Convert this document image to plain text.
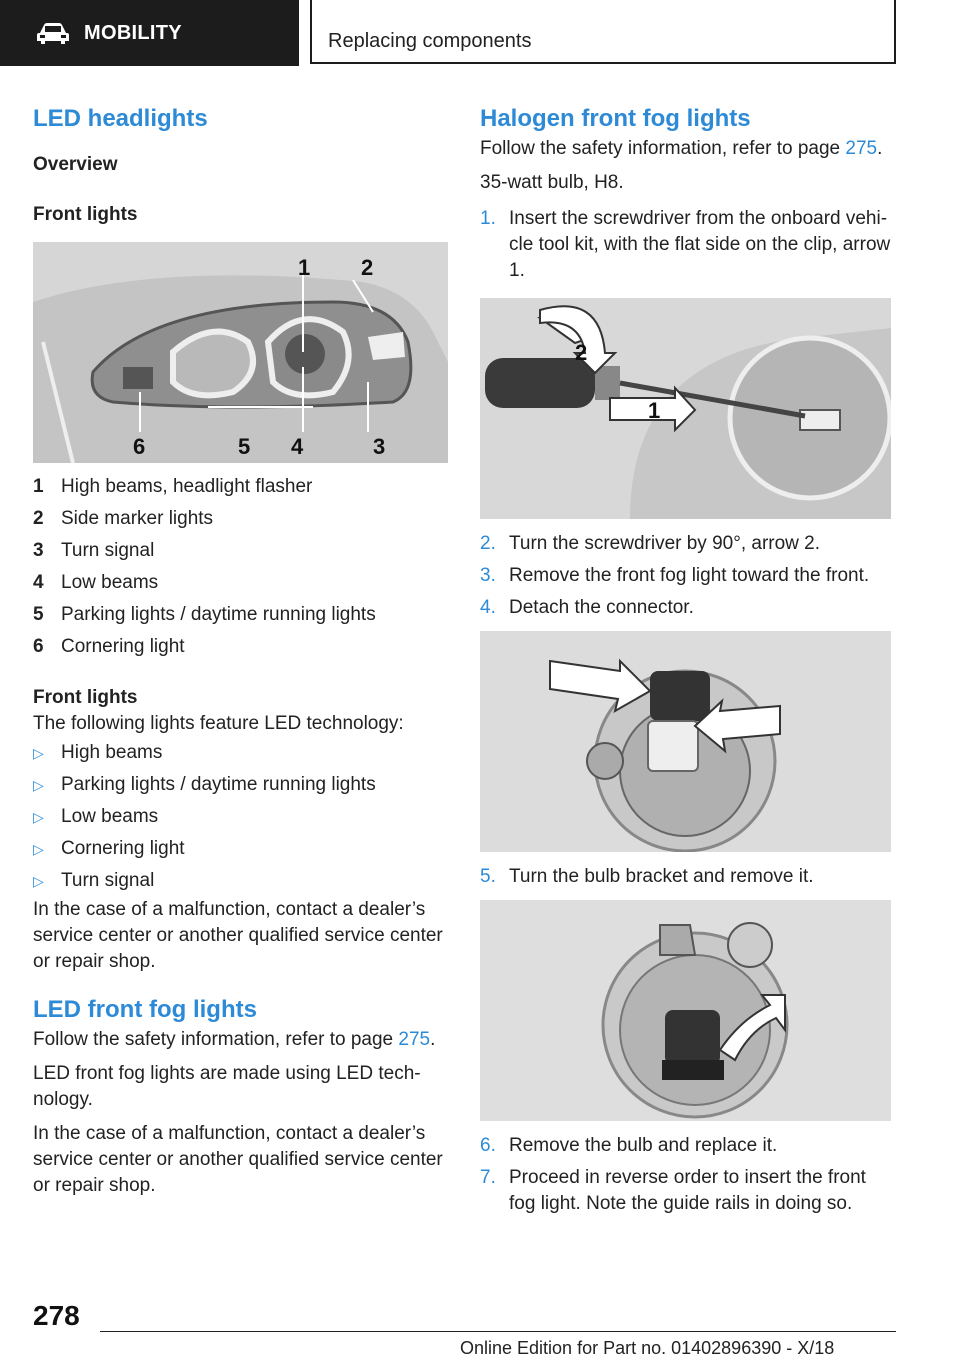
MOBILITY	Replacing components
LED headlights
Overview
Front lights
1 2
3
4
5
6
1 High beams, headlight flasher
2 Side marker lights
3 Turn signal
4 Low beams
5 Parking lights / daytime running lights
6 Cornering light
Front lights

The following lights feature LED technology:

▷ High beams
▷ Parking lights / daytime running lights
▷ Low beams
▷ Cornering light
▷ Turn signal

In the case of a malfunction, contact a dealer’s service center or another qualified service center or repair shop.

LED front fog lights

Follow the safety information, refer to page 275.

LED front fog lights are made using LED technology.

In the case of a malfunction, contact a dealer’s service center or another qualified service center or repair shop.

Halogen front fog lights

Follow the safety information, refer to page 275.

35-watt bulb, H8.

1. Insert the screwdriver from the onboard vehicle tool kit, with the flat side on the clip, arrow 1.
2
1
2. Turn the screwdriver by 90°, arrow 2.
3. Remove the front fog light toward the front.
4. Detach the connector.
5. Turn the bulb bracket and remove it.
6. Remove the bulb and replace it.
7. Proceed in reverse order to insert the front fog light. Note the guide rails in doing so.
278
Online Edition for Part no. 01402896390 - X/18
